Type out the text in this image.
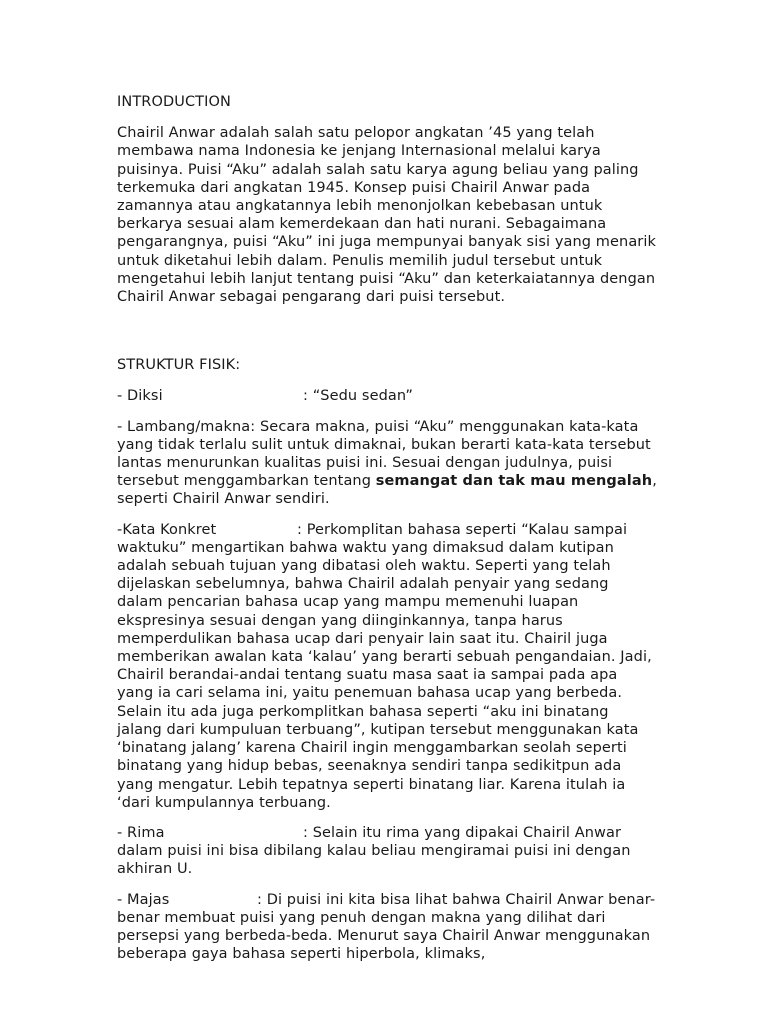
INTRODUCTION

Chairil Anwar adalah salah satu pelopor angkatan ’45 yang telah membawa nama Indonesia ke jenjang Internasional melalui karya puisinya. Puisi “Aku” adalah salah satu karya agung beliau yang paling terkemuka dari angkatan 1945. Konsep puisi Chairil Anwar pada zamannya atau angkatannya lebih menonjolkan kebebasan untuk berkarya sesuai alam kemerdekaan dan hati nurani. Sebagaimana pengarangnya, puisi “Aku” ini juga mempunyai banyak sisi yang menarik untuk diketahui lebih dalam. Penulis memilih judul tersebut untuk mengetahui lebih lanjut tentang puisi “Aku” dan keterkaiatannya dengan Chairil Anwar sebagai pengarang dari puisi tersebut.

STRUKTUR FISIK:

- Diksi	: “Sedu sedan”

- Lambang/makna: Secara makna, puisi “Aku” menggunakan kata-kata yang tidak terlalu sulit untuk dimaknai, bukan berarti kata-kata tersebut lantas menurunkan kualitas puisi ini. Sesuai dengan judulnya, puisi tersebut menggambarkan tentang semangat dan tak mau mengalah, seperti Chairil Anwar sendiri.

-Kata Konkret	: Perkomplitan bahasa seperti “Kalau sampai waktuku” mengartikan bahwa waktu yang dimaksud dalam kutipan adalah sebuah tujuan yang dibatasi oleh waktu. Seperti yang telah dijelaskan sebelumnya, bahwa Chairil adalah penyair yang sedang dalam pencarian bahasa ucap yang mampu memenuhi luapan ekspresinya sesuai dengan yang diinginkannya, tanpa harus memperdulikan bahasa ucap dari penyair lain saat itu. Chairil juga memberikan awalan kata ‘kalau’ yang berarti sebuah pengandaian. Jadi, Chairil berandai-andai tentang suatu masa saat ia sampai pada apa yang ia cari selama ini, yaitu penemuan bahasa ucap yang berbeda. Selain itu ada juga perkomplitkan bahasa seperti “aku ini binatang jalang dari kumpuluan terbuang”, kutipan tersebut menggunakan kata ‘binatang jalang’ karena Chairil ingin menggambarkan seolah seperti binatang yang hidup bebas, seenaknya sendiri tanpa sedikitpun ada yang mengatur. Lebih tepatnya seperti binatang liar. Karena itulah ia ‘dari kumpulannya terbuang.

- Rima	: Selain itu rima yang dipakai Chairil Anwar dalam puisi ini bisa dibilang kalau beliau mengiramai puisi ini dengan akhiran U.

- Majas	: Di puisi ini kita bisa lihat bahwa Chairil Anwar benar-benar membuat puisi yang penuh dengan makna yang dilihat dari persepsi yang berbeda-beda. Menurut saya Chairil Anwar menggunakan beberapa gaya bahasa seperti hiperbola, klimaks,
